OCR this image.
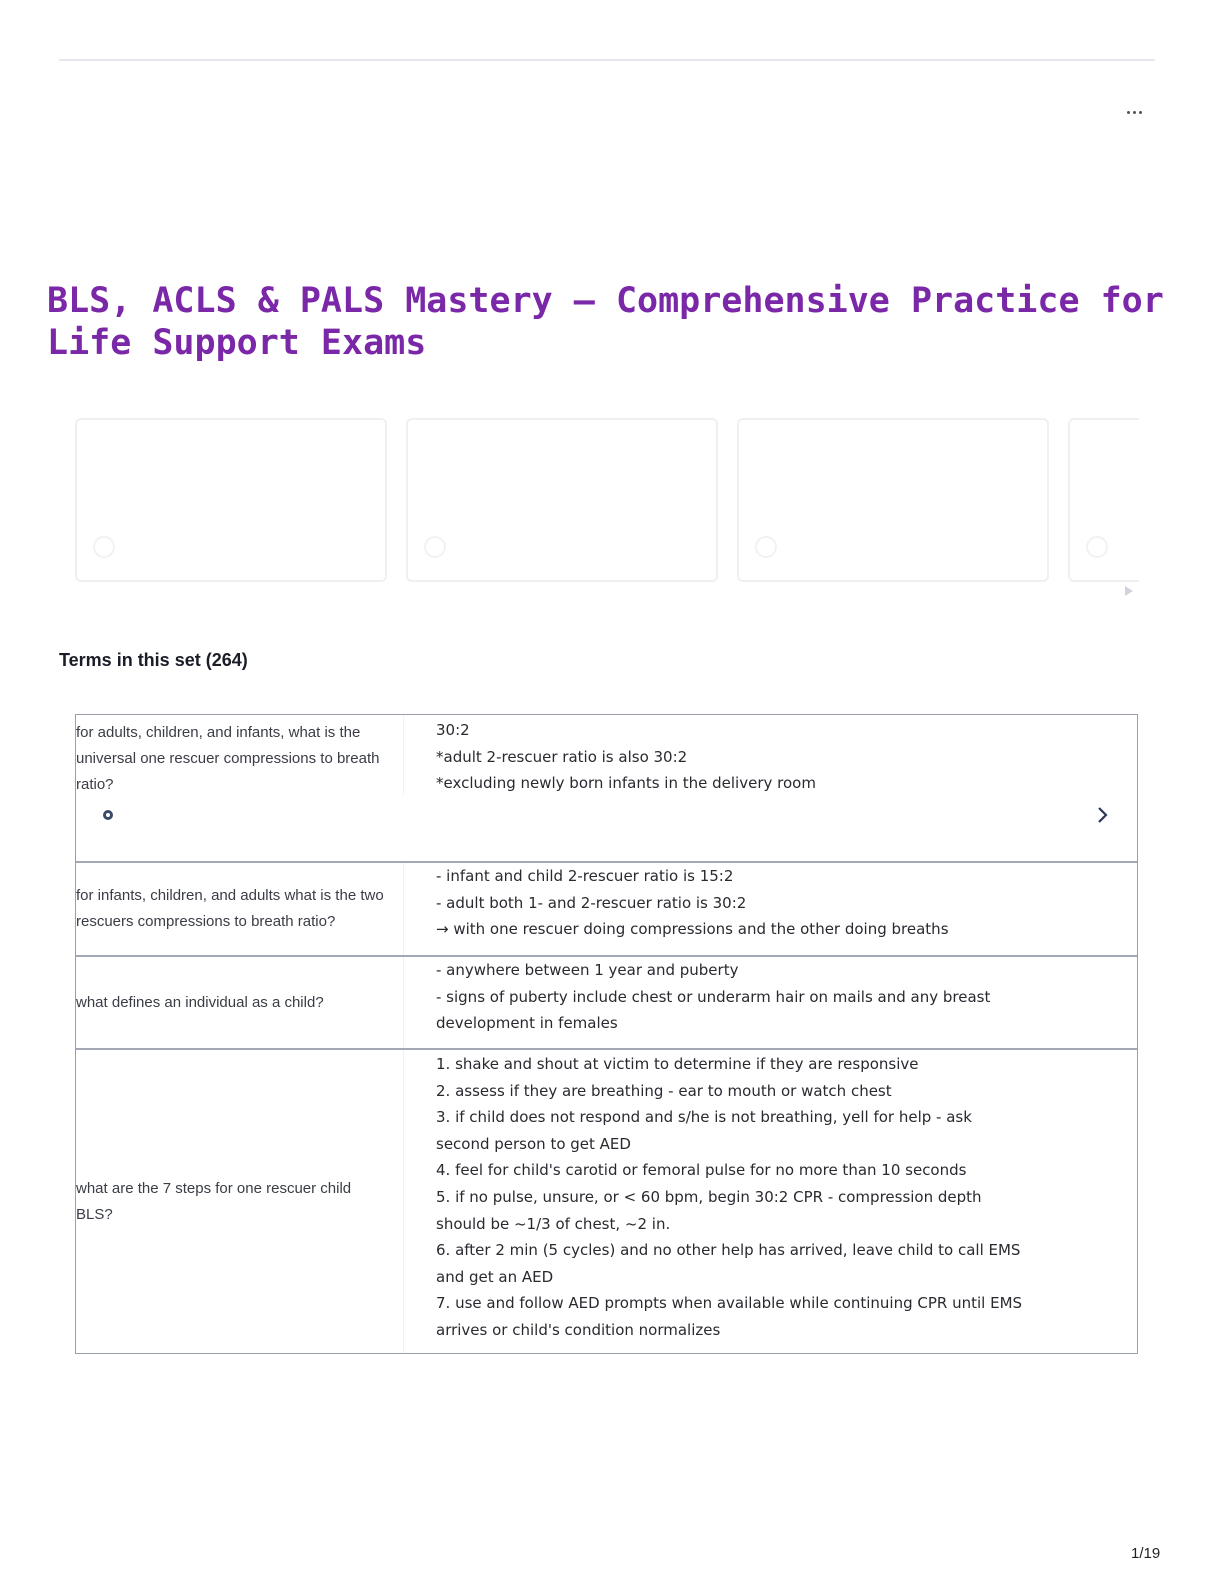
BLS, ACLS & PALS Mastery – Comprehensive Practice for Life Support Exams
Terms in this set (264)
for adults, children, and infants, what is the universal one rescuer compressions to breath ratio?
30:2
*adult 2-rescuer ratio is also 30:2
*excluding newly born infants in the delivery room
for infants, children, and adults what is the two rescuers compressions to breath ratio?
- infant and child 2-rescuer ratio is 15:2
- adult both 1- and 2-rescuer ratio is 30:2
→ with one rescuer doing compressions and the other doing breaths
what defines an individual as a child?
- anywhere between 1 year and puberty
- signs of puberty include chest or underarm hair on mails and any breast
development in females
what are the 7 steps for one rescuer child BLS?
1. shake and shout at victim to determine if they are responsive
2. assess if they are breathing - ear to mouth or watch chest
3. if child does not respond and s/he is not breathing, yell for help - ask
second person to get AED
4. feel for child's carotid or femoral pulse for no more than 10 seconds
5. if no pulse, unsure, or < 60 bpm, begin 30:2 CPR - compression depth
should be ~1/3 of chest, ~2 in.
6. after 2 min (5 cycles) and no other help has arrived, leave child to call EMS
and get an AED
7. use and follow AED prompts when available while continuing CPR until EMS
arrives or child's condition normalizes
1/19
